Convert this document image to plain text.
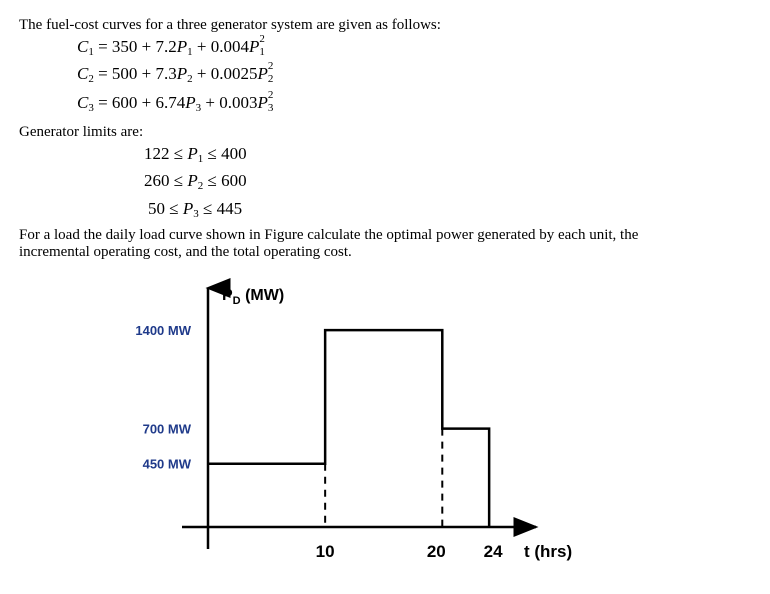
The fuel-cost curves for a three generator system are given as follows:
$C_1 = 350 + 7.2P_1 + 0.004P$ 2
1
$C_2 = 500 + 7.3P_2 + 0.0025P$ 2
2
$C_3 = 600 + 6.74P_3 + 0.003P$ 2
3
Generator limits are:
$122 \le P_1 \le 400$
$260 \le P_2 \le 600$
$50 \le P_3 \le 445$
For a load the daily load curve shown in Figure calculate the optimal power generated by each unit, the
incremental operating cost, and the total operating cost.
10	20 24
1400 MW
700 MW
450 MW
$P_D$ (MW)
t (hrs)
